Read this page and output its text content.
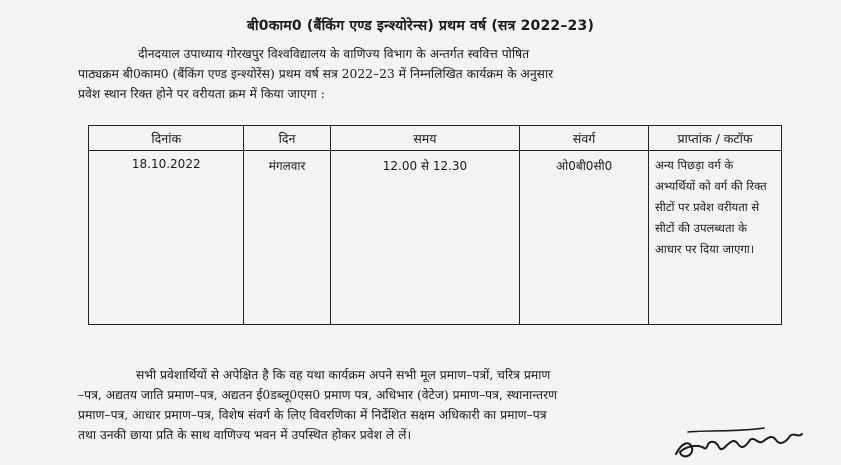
बी0काम0 (बैंकिंग एण्ड इन्श्योरेन्स) प्रथम वर्ष (सत्र 2022–23)
दीनदयाल उपाध्याय गोरखपुर विश्वविद्यालय के वाणिज्य विभाग के अन्तर्गत स्ववित्त पोषित
पाठ्यक्रम बी0काम0 (बैंकिंग एण्ड इन्श्योरेंस) प्रथम वर्ष सत्र 2022–23 में निम्नलिखित कार्यक्रम के अनुसार
प्रवेश स्थान रिक्त होने पर वरीयता क्रम में किया जाएगा :
दिनांक	दिन	समय	संवर्ग	प्राप्तांक / कटॉफ
18.10.2022	मंगलवार	12.00 से 12.30	ओ0बी0सी0	अन्य पिछड़ा वर्ग के अभ्यर्थियों को वर्ग की रिक्त सीटों पर प्रवेश वरीयता से सीटों की उपलब्धता के आधार पर दिया जाएगा।
सभी प्रवेशार्थियों से अपेक्षित है कि वह यथा कार्यक्रम अपने सभी मूल प्रमाण–पत्रों, चरित्र प्रमाण
–पत्र, अद्यतय जाति प्रमाण–पत्र, अद्यतन ई0डब्लू0एस0 प्रमाण पत्र, अधिभार (वेटेज) प्रमाण–पत्र, स्थानान्तरण
प्रमाण–पत्र, आधार प्रमाण–पत्र, विशेष संवर्ग के लिए विवरणिका में निर्देशित सक्षम अधिकारी का प्रमाण–पत्र
तथा उनकी छाया प्रति के साथ वाणिज्य भवन में उपस्थित होकर प्रवेश ले लें।
